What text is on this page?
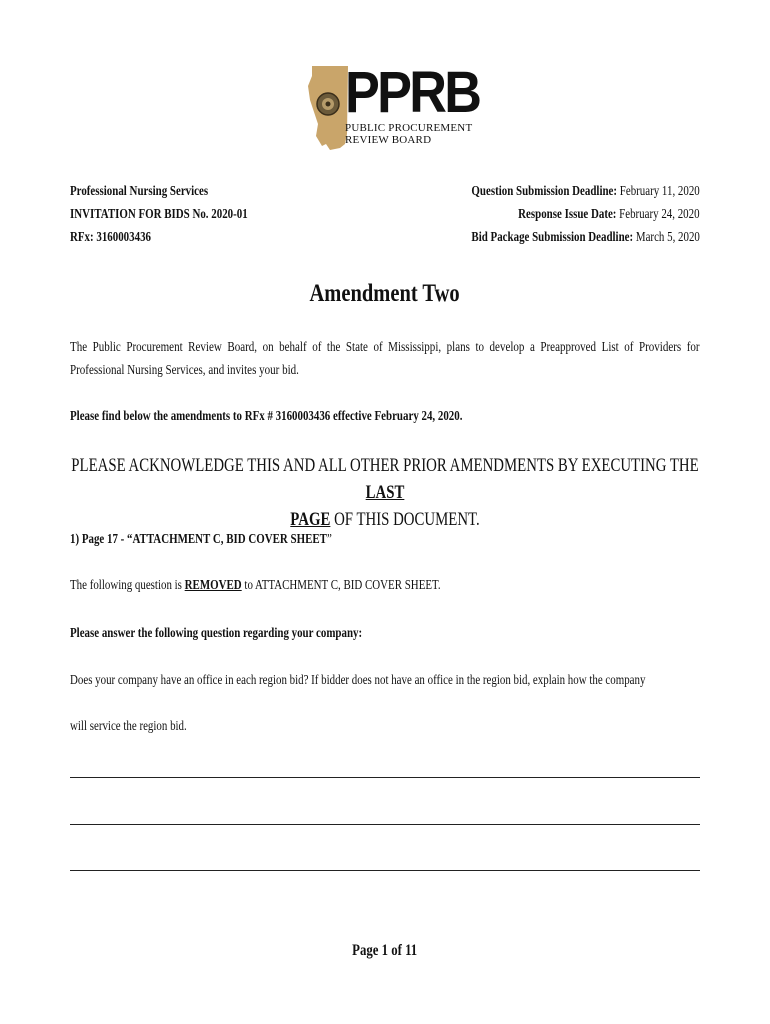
PPRB
PUBLIC PROCUREMENT
REVIEW BOARD
Professional Nursing Services
INVITATION FOR BIDS No. 2020-01
RFx: 3160003436
Question Submission Deadline: February 11, 2020
Response Issue Date: February 24, 2020
Bid Package Submission Deadline: March 5, 2020
Amendment Two
The Public Procurement Review Board, on behalf of the State of Mississippi, plans to develop a Preapproved List of Providers for Professional Nursing Services, and invites your bid.
Please find below the amendments to RFx # 3160003436 effective February 24, 2020.
PLEASE ACKNOWLEDGE THIS AND ALL OTHER PRIOR AMENDMENTS BY EXECUTING THE LAST
PAGE OF THIS DOCUMENT.
1) Page 17 - “ATTACHMENT C, BID COVER SHEET”
The following question is REMOVED to ATTACHMENT C, BID COVER SHEET.
Please answer the following question regarding your company:
Does your company have an office in each region bid? If bidder does not have an office in the region bid, explain how the company
will service the region bid.
Page 1 of 11
